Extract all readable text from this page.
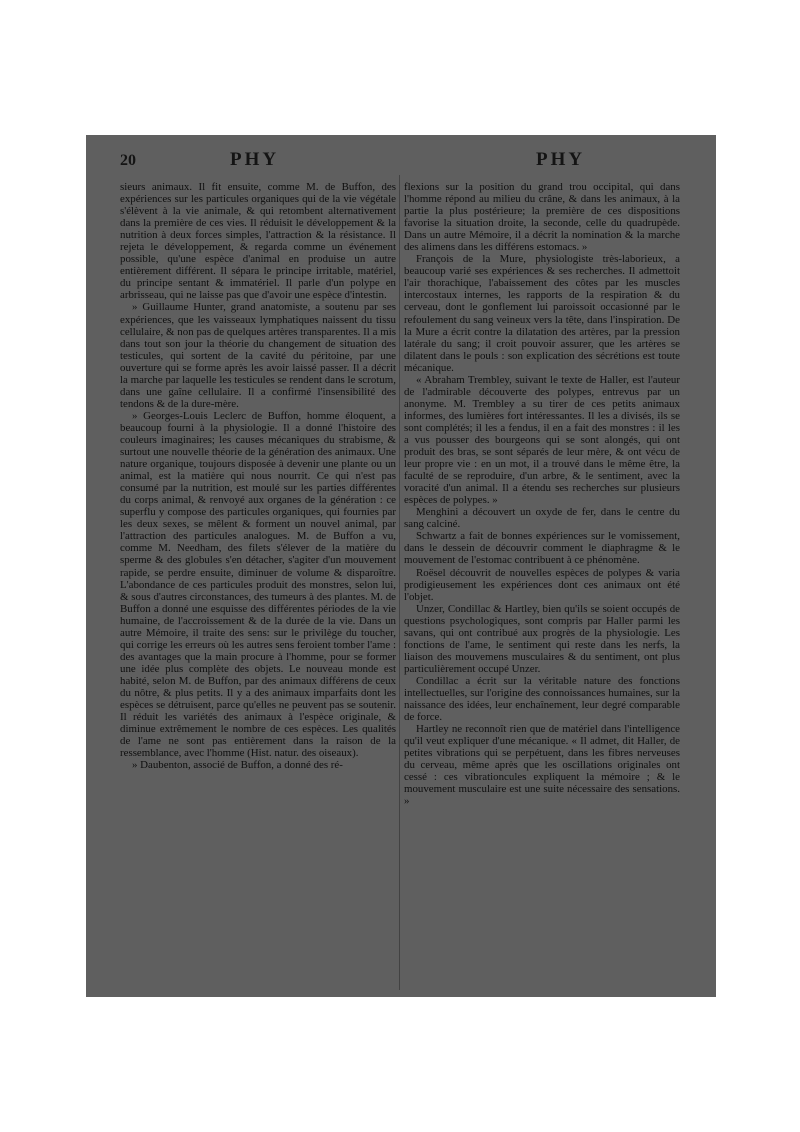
20	PHY	PHY

sieurs animaux. Il fit ensuite, comme M. de Buffon, des expériences sur les particules organiques qui de la vie végétale s'élèvent à la vie animale, & qui retombent alternativement dans la première de ces vies. Il réduisit le développement & la nutrition à deux forces simples, l'attraction & la résistance. Il rejeta le développement, & regarda comme un événement possible, qu'une espèce d'animal en produise un autre entièrement différent. Il sépara le principe irritable, matériel, du principe sentant & immatériel. Il parle d'un polype en arbrisseau, qui ne laisse pas que d'avoir une espèce d'intestin.

» Guillaume Hunter, grand anatomiste, a soutenu par ses expériences, que les vaisseaux lymphatiques naissent du tissu cellulaire, & non pas de quelques artères transparentes. Il a mis dans tout son jour la théorie du changement de situation des testicules, qui sortent de la cavité du péritoine, par une ouverture qui se forme après les avoir laissé passer. Il a décrit la marche par laquelle les testicules se rendent dans le scrotum, dans une gaîne cellulaire. Il a confirmé l'insensibilité des tendons & de la dure-mère.

» Georges-Louis Leclerc de Buffon, homme éloquent, a beaucoup fourni à la physiologie. Il a donné l'histoire des couleurs imaginaires; les causes mécaniques du strabisme, & surtout une nouvelle théorie de la génération des animaux. Une nature organique, toujours disposée à devenir une plante ou un animal, est la matière qui nous nourrit. Ce qui n'est pas consumé par la nutrition, est moulé sur les parties différentes du corps animal, & renvoyé aux organes de la génération : ce superflu y compose des particules organiques, qui fournies par les deux sexes, se mêlent & forment un nouvel animal, par l'attraction des particules analogues. M. de Buffon a vu, comme M. Needham, des filets s'élever de la matière du sperme & des globules s'en détacher, s'agiter d'un mouvement rapide, se perdre ensuite, diminuer de volume & disparoître. L'abondance de ces particules produit des monstres, selon lui, & sous d'autres circonstances, des tumeurs à des plantes. M. de Buffon a donné une esquisse des différentes périodes de la vie humaine, de l'accroissement & de la durée de la vie. Dans un autre Mémoire, il traite des sens: sur le privilège du toucher, qui corrige les erreurs où les autres sens feroient tomber l'ame : des avantages que la main procure à l'homme, pour se former une idée plus complète des objets. Le nouveau monde est habité, selon M. de Buffon, par des animaux différens de ceux du nôtre, & plus petits. Il y a des animaux imparfaits dont les espèces se détruisent, parce qu'elles ne peuvent pas se soutenir. Il réduit les variétés des animaux à l'espèce originale, & diminue extrêmement le nombre de ces espèces. Les qualités de l'ame ne sont pas entièrement dans la raison de la ressemblance, avec l'homme (Hist. natur. des oiseaux).

» Daubenton, associé de Buffon, a donné des ré-

flexions sur la position du grand trou occipital, qui dans l'homme répond au milieu du crâne, & dans les animaux, à la partie la plus postérieure; la première de ces dispositions favorise la situation droite, la seconde, celle du quadrupède. Dans un autre Mémoire, il a décrit la nomination & la marche des alimens dans les différens estomacs. »

François de la Mure, physiologiste très-laborieux, a beaucoup varié ses expériences & ses recherches. Il admettoit l'air thorachique, l'abaissement des côtes par les muscles intercostaux internes, les rapports de la respiration & du cerveau, dont le gonflement lui paroissoit occasionné par le refoulement du sang veineux vers la tête, dans l'inspiration. De la Mure a écrit contre la dilatation des artères, par la pression latérale du sang; il croit pouvoir assurer, que les artères se dilatent dans le pouls : son explication des sécrétions est toute mécanique.

« Abraham Trembley, suivant le texte de Haller, est l'auteur de l'admirable découverte des polypes, entrevus par un anonyme. M. Trembley a su tirer de ces petits animaux informes, des lumières fort intéressantes. Il les a divisés, ils se sont complétés; il les a fendus, il en a fait des monstres : il les a vus pousser des bourgeons qui se sont alongés, qui ont produit des bras, se sont séparés de leur mère, & ont vécu de leur propre vie : en un mot, il a trouvé dans le même être, la faculté de se reproduire, d'un arbre, & le sentiment, avec la voracité d'un animal. Il a étendu ses recherches sur plusieurs espèces de polypes. »

Menghini a découvert un oxyde de fer, dans le centre du sang calciné.

Schwartz a fait de bonnes expériences sur le vomissement, dans le dessein de découvrir comment le diaphragme & le mouvement de l'estomac contribuent à ce phénomène.

Roësel découvrit de nouvelles espèces de polypes & varia prodigieusement les expériences dont ces animaux ont été l'objet.

Unzer, Condillac & Hartley, bien qu'ils se soient occupés de questions psychologiques, sont compris par Haller parmi les savans, qui ont contribué aux progrès de la physiologie. Les fonctions de l'ame, le sentiment qui reste dans les nerfs, la liaison des mouvemens musculaires & du sentiment, ont plus particulièrement occupé Unzer.

Condillac a écrit sur la véritable nature des fonctions intellectuelles, sur l'origine des connoissances humaines, sur la naissance des idées, leur enchaînement, leur degré comparable de force.

Hartley ne reconnoît rien que de matériel dans l'intelligence qu'il veut expliquer d'une mécanique. « Il admet, dit Haller, de petites vibrations qui se perpétuent, dans les fibres nerveuses du cerveau, même après que les oscillations originales ont cessé : ces vibrationcules expliquent la mémoire ; & le mouvement musculaire est une suite nécessaire des sensations. »
